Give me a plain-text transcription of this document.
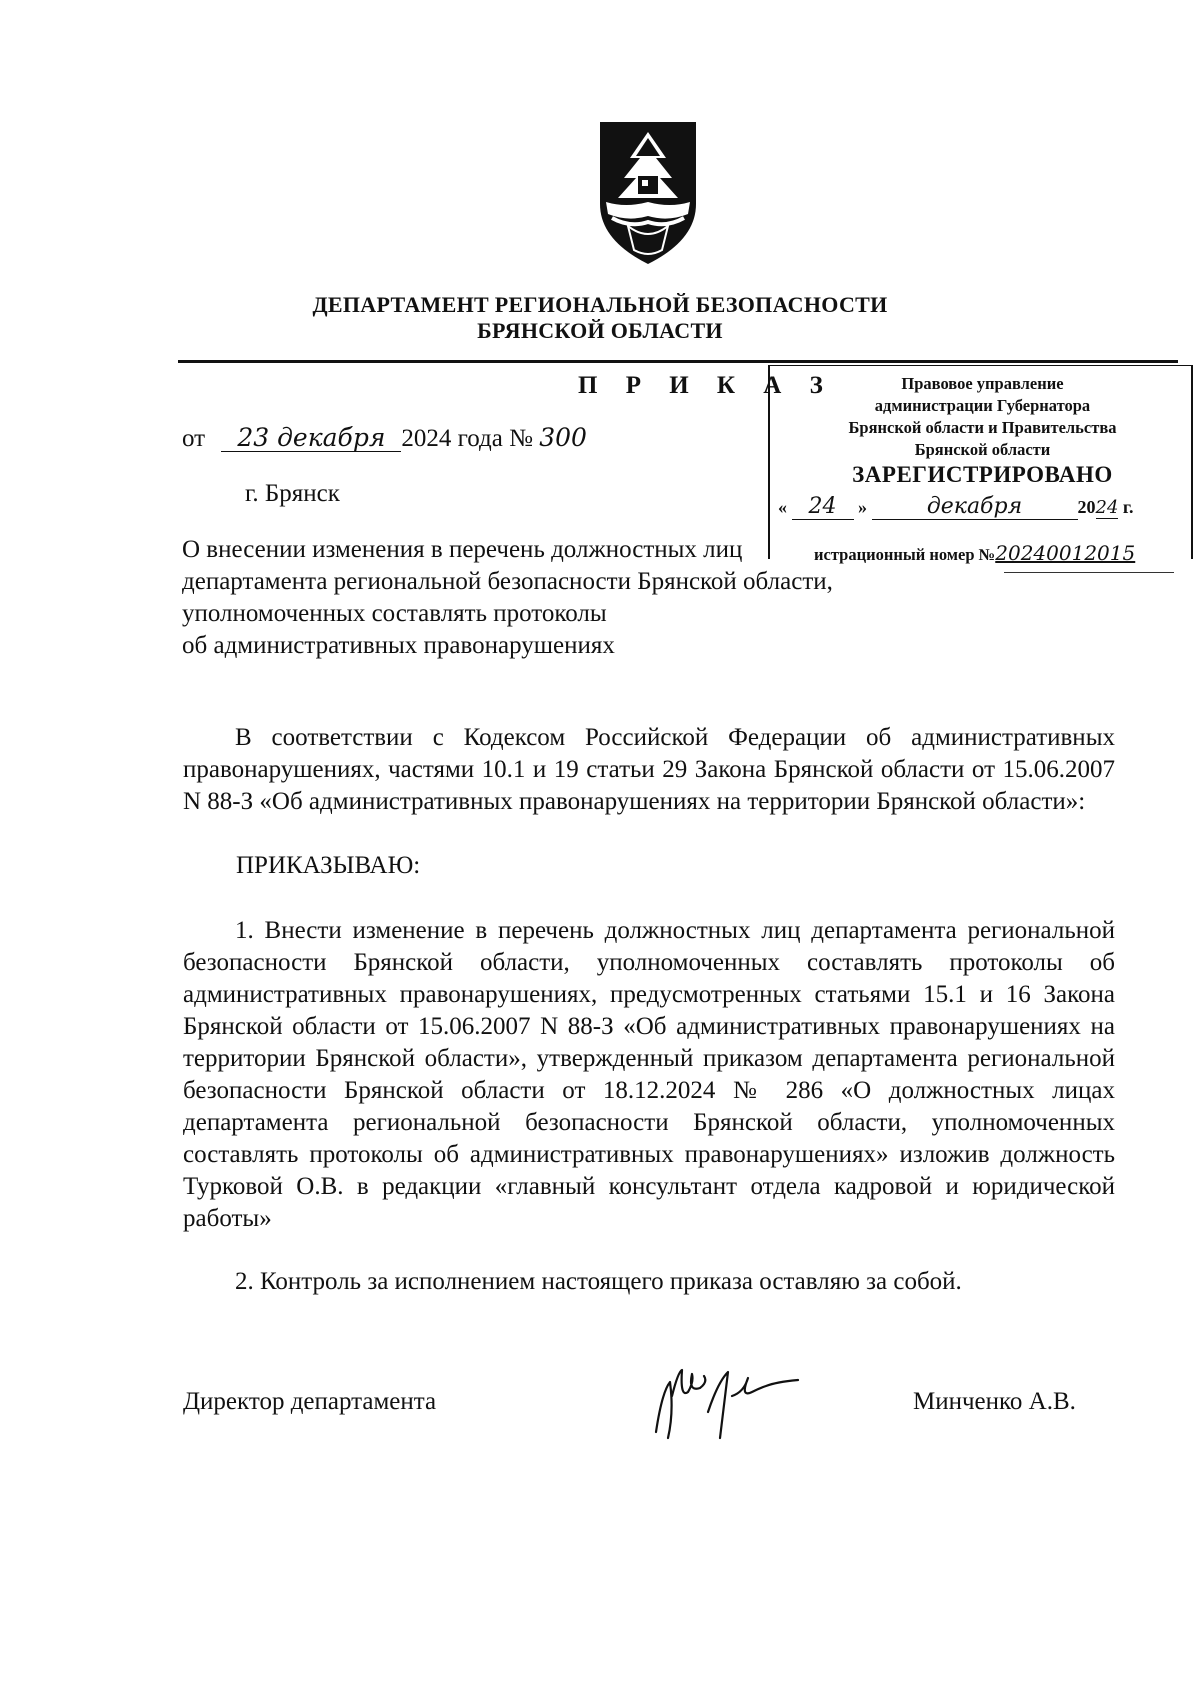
ДЕПАРТАМЕНТ РЕГИОНАЛЬНОЙ БЕЗОПАСНОСТИ
БРЯНСКОЙ ОБЛАСТИ
П Р И К А З
от 23 декабря 2024 года № 300
г. Брянск
Правовое управление
администрации Губернатора
Брянской области и Правительства
Брянской области
ЗАРЕГИСТРИРОВАНО
« 24 »	декабря	2024 г.
О внесении изменения в перечень должностных лиц
департамента региональной безопасности Брянской области,
уполномоченных составлять протоколы
об административных правонарушениях
истрационный номер №20240012015

В соответствии с Кодексом Российской Федерации об административных правонарушениях, частями 10.1 и 19 статьи 29 Закона Брянской области от 15.06.2007 N 88-З «Об административных правонарушениях на территории Брянской области»:

ПРИКАЗЫВАЮ:

1. Внести изменение в перечень должностных лиц департамента региональной безопасности Брянской области, уполномоченных составлять протоколы об административных правонарушениях, предусмотренных статьями 15.1 и 16 Закона Брянской области от 15.06.2007 N 88-З «Об административных правонарушениях на территории Брянской области», утвержденный приказом департамента региональной безопасности Брянской области от 18.12.2024 № 286 «О должностных лицах департамента региональной безопасности Брянской области, уполномоченных составлять протоколы об административных правонарушениях» изложив должность Турковой О.В. в редакции «главный консультант отдела кадровой и юридической работы»

2. Контроль за исполнением настоящего приказа оставляю за собой.

Директор департамента	Минченко А.В.
